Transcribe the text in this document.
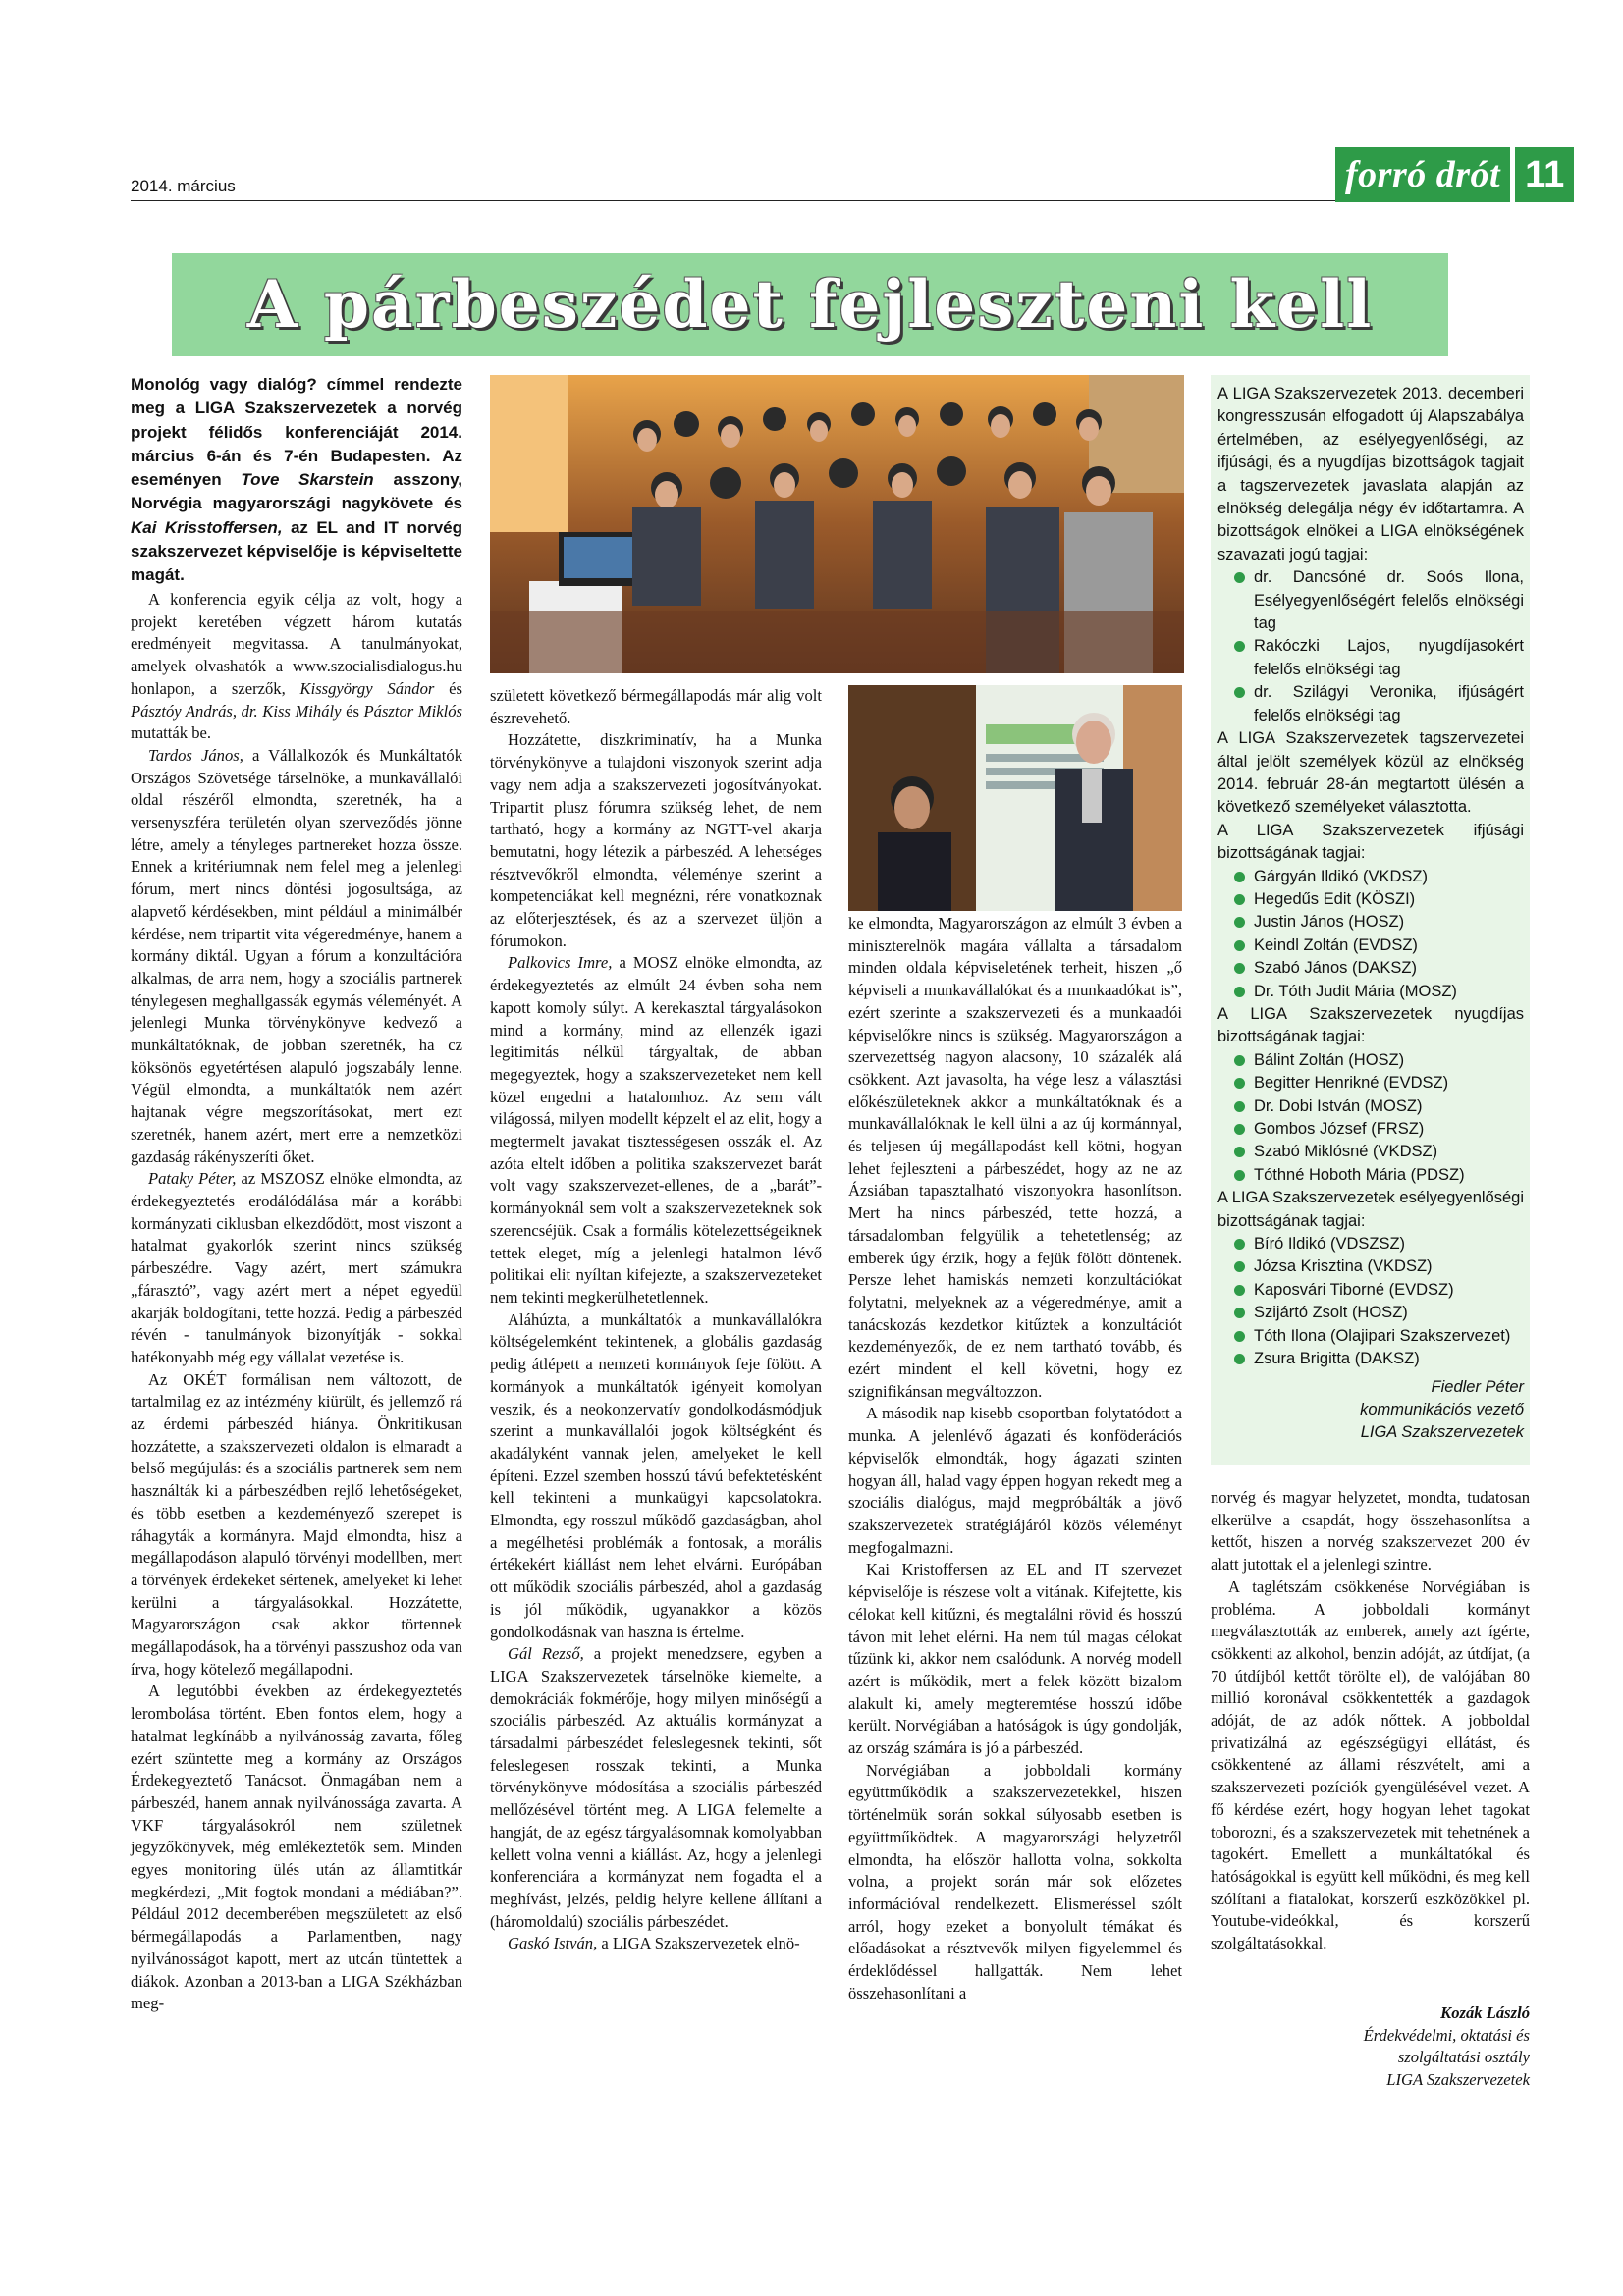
2014. március	forró drót 11
A párbeszédet fejleszteni kell
Monológ vagy dialóg? címmel rendezte meg a LIGA Szakszervezetek a norvég projekt félidős konferenciáját 2014. március 6-án és 7-én Budapesten. Az eseményen Tove Skarstein asszony, Norvégia magyarországi nagykövete és Kai Krisstoffersen, az EL and IT norvég szakszervezet képviselője is képviseltette magát.

A konferencia egyik célja az volt, hogy a projekt keretében végzett három kutatás eredményeit megvitassa. A tanulmányokat, amelyek olvashatók a www.szocialisdialogus.hu honlapon, a szerzők, Kissgyörgy Sándor és Pásztóy András, dr. Kiss Mihály és Pásztor Miklós mutatták be.

Tardos János, a Vállalkozók és Munkáltatók Országos Szövetsége társelnöke, a munkavállalói oldal részéről elmondta, szeretnék, ha a versenyszféra területén olyan szerveződés jönne létre, amely a tényleges partnereket hozza össze. Ennek a kritériumnak nem felel meg a jelenlegi fórum, mert nincs döntési jogosultsága, az alapvető kérdésekben, mint például a minimálbér kérdése, nem tripartit vita végeredménye, hanem a kormány diktál. Ugyan a fórum a konzultációra alkalmas, de arra nem, hogy a szociális partnerek ténylegesen meghallgassák egymás véleményét. A jelenlegi Munka törvénykönyve kedvező a munkáltatóknak, de jobban szeretnék, ha cz köksönös egyetértésen alapuló jogszabály lenne. Végül elmondta, a munkáltatók nem azért hajtanak végre megszorításokat, mert ezt szeretnék, hanem azért, mert erre a nemzetközi gazdaság rákényszeríti őket.

Pataky Péter, az MSZOSZ elnöke elmondta, az érdekegyeztetés erodálódálása már a korábbi kormányzati ciklusban elkezdődött, most viszont a hatalmat gyakorlók szerint nincs szükség párbeszédre. Vagy azért, mert számukra „fárasztó”, vagy azért mert a népet egyedül akarják boldogítani, tette hozzá. Pedig a párbeszéd révén - tanulmányok bizonyítják - sokkal hatékonyabb még egy vállalat vezetése is.

Az OKÉT formálisan nem változott, de tartalmilag ez az intézmény kiürült, és jellemző rá az érdemi párbeszéd hiánya. Önkritikusan hozzátette, a szakszervezeti oldalon is elmaradt a belső megújulás: és a szociális partnerek sem nem használták ki a párbeszédben rejlő lehetőségeket, és több esetben a kezdeményező szerepet is ráhagyták a kormányra. Majd elmondta, hisz a megállapodáson alapuló törvényi modellben, mert a törvények érdekeket sértenek, amelyeket ki lehet kerülni a tárgyalásokkal. Hozzátette, Magyarországon csak akkor törtennek megállapodások, ha a törvényi passzushoz oda van írva, hogy kötelező megállapodni.

A legutóbbi években az érdekegyeztetés lerombolása történt. Eben fontos elem, hogy a hatalmat legkínább a nyilvánosság zavarta, főleg ezért szüntette meg a kormány az Országos Érdekegyeztető Tanácsot. Önmagában nem a párbeszéd, hanem annak nyilvánossága zavarta. A VKF tárgyalásokról nem születnek jegyzőkönyvek, még emlékeztetők sem. Minden egyes monitoring ülés után az államtitkár megkérdezi, „Mit fogtok mondani a médiában?”. Például 2012 decemberében megszületett az első bérmegállapodás a Parlamentben, nagy nyilvánosságot kapott, mert az utcán tüntettek a diákok. Azonban a 2013-ban a LIGA Székházban meg-

született következő bérmegállapodás már alig volt észrevehető.

Hozzátette, diszkriminatív, ha a Munka törvénykönyve a tulajdoni viszonyok szerint adja vagy nem adja a szakszervezeti jogosítványokat. Tripartit plusz fórumra szükség lehet, de nem tartható, hogy a kormány az NGTT-vel akarja bemutatni, hogy létezik a párbeszéd. A lehetséges résztvevőkről elmondta, véleménye szerint a kompetenciákat kell megnézni, rére vonatkoznak az előterjesztések, és az a szervezet üljön a fórumokon.

Palkovics Imre, a MOSZ elnöke elmondta, az érdekegyeztetés az elmúlt 24 évben soha nem kapott komoly súlyt. A kerekasztal tárgyalásokon mind a kormány, mind az ellenzék igazi legitimitás nélkül tárgyaltak, de abban megegyeztek, hogy a szakszervezeteket nem kell közel engedni a hatalomhoz. Az sem vált világossá, milyen modellt képzelt el az elit, hogy a megtermelt javakat tisztességesen osszák el. Az azóta eltelt időben a politika szakszervezet barát volt vagy szakszervezet-ellenes, de a „barát”-kormányoknál sem volt a szakszervezeteknek sok szerencséjük. Csak a formális kötelezettségeiknek tettek eleget, míg a jelenlegi hatalmon lévő politikai elit nyíltan kifejezte, a szakszervezeteket nem tekinti megkerülhetetlennek.

Aláhúzta, a munkáltatók a munkavállalókra költségelemként tekintenek, a globális gazdaság pedig átlépett a nemzeti kormányok feje fölött. A kormányok a munkáltatók igényeit komolyan veszik, és a neokonzervatív gondolkodásmódjuk szerint a munkavállalói jogok költségként és akadályként vannak jelen, amelyeket le kell építeni. Ezzel szemben hosszú távú befektetésként kell tekinteni a munkaügyi kapcsolatokra. Elmondta, egy rosszul működő gazdaságban, ahol a megélhetési problémák a fontosak, a morális értékekért kiállást nem lehet elvárni. Európában ott működik szociális párbeszéd, ahol a gazdaság is jól működik, ugyanakkor a közös gondolkodásnak van haszna is értelme.

Gál Rezső, a projekt menedzsere, egyben a LIGA Szakszervezetek társelnöke kiemelte, a demokráciák fokmérője, hogy milyen minőségű a szociális párbeszéd. Az aktuális kormányzat a társadalmi párbeszédet feleslegesnek tekinti, sőt feleslegesen rosszak tekinti, a Munka törvénykönyve módosítása a szociális párbeszéd mellőzésével történt meg. A LIGA felemelte a hangját, de az egész tárgyalásomnak komolyabban kellett volna venni a kiállást. Az, hogy a jelenlegi konferenciára a kormányzat nem fogadta el a meghívást, jelzés, peldig helyre kellene állítani a (háromoldalú) szociális párbeszédet.

Gaskó István, a LIGA Szakszervezetek elnö-

ke elmondta, Magyarországon az elmúlt 3 évben a miniszterelnök magára vállalta a társadalom minden oldala képviseletének terheit, hiszen „ő képviseli a munkavállalókat és a munkaadókat is”, ezért szerinte a szakszervezeti és a munkaadói képviselőkre nincs is szükség. Magyarországon a szervezettség nagyon alacsony, 10 százalék alá csökkent. Azt javasolta, ha vége lesz a választási előkészületeknek akkor a munkáltatóknak és a munkavállalóknak le kell ülni a az új kormánnyal, és teljesen új megállapodást kell kötni, hogyan lehet fejleszteni a párbeszédet, hogy az ne az Ázsiában tapasztalható viszonyokra hasonlítson. Mert ha nincs párbeszéd, tette hozzá, a társadalomban felgyülik a tehetetlenség; az emberek úgy érzik, hogy a fejük fölött döntenek. Persze lehet hamiskás nemzeti konzultációkat folytatni, melyeknek az a végeredménye, amit a tanácskozás kezdetkor kitűztek a konzultációt kezdeményezők, de ez nem tartható tovább, és ezért mindent el kell követni, hogy ez szignifikánsan megváltozzon.

A második nap kisebb csoportban folytatódott a munka. A jelenlévő ágazati és konföderációs képviselők elmondták, hogy ágazati szinten hogyan áll, halad vagy éppen hogyan rekedt meg a szociális dialógus, majd megpróbálták a jövő szakszervezetek stratégiájáról közös véleményt megfogalmazni.

Kai Kristoffersen az EL and IT szervezet képviselője is részese volt a vitának. Kifejtette, kis célokat kell kitűzni, és megtalálni rövid és hosszú távon mit lehet elérni. Ha nem túl magas célokat tűzünk ki, akkor nem csalódunk. A norvég modell azért is működik, mert a felek között bizalom alakult ki, amely megteremtése hosszú időbe került. Norvégiában a hatóságok is úgy gondolják, az ország számára is jó a párbeszéd.

Norvégiában a jobboldali kormány együttműködik a szakszervezetekkel, hiszen történelmük során sokkal súlyosabb esetben is együttműködtek. A magyarországi helyzetről elmondta, ha először hallotta volna, sokkolta volna, a projekt során már sok előzetes információval rendelkezett. Elismeréssel szólt arról, hogy ezeket a bonyolult témákat és előadásokat a résztvevők milyen figyelemmel és érdeklődéssel hallgatták. Nem lehet összehasonlítani a

A LIGA Szakszervezetek 2013. decemberi kongresszusán elfogadott új Alapszabálya értelmében, az esélyegyenlőségi, az ifjúsági, és a nyugdíjas bizottságok tagjait a tagszervezetek javaslata alapján az elnökség delegálja négy év időtartamra. A bizottságok elnökei a LIGA elnökségének szavazati jogú tagjai:

dr. Dancsóné dr. Soós Ilona, Esélyegyenlőségért felelős elnökségi tag
Rakóczki Lajos, nyugdíjasokért felelős elnökségi tag
dr. Szilágyi Veronika, ifjúságért felelős elnökségi tag

A LIGA Szakszervezetek tagszervezetei által jelölt személyek közül az elnökség 2014. február 28-án megtartott ülésén a következő személyeket választotta.

A LIGA Szakszervezetek ifjúsági bizottságának tagjai:

Gárgyán Ildikó (VKDSZ)
Hegedűs Edit (KÖSZI)
Justin János (HOSZ)
Keindl Zoltán (EVDSZ)
Szabó János (DAKSZ)
Dr. Tóth Judit Mária (MOSZ)

A LIGA Szakszervezetek nyugdíjas bizottságának tagjai:

Bálint Zoltán (HOSZ)
Begitter Henrikné (EVDSZ)
Dr. Dobi István (MOSZ)
Gombos József (FRSZ)
Szabó Miklósné (VKDSZ)
Tóthné Hoboth Mária (PDSZ)

A LIGA Szakszervezetek esélyegyenlőségi bizottságának tagjai:

Bíró Ildikó (VDSZSZ)
Józsa Krisztina (VKDSZ)
Kaposvári Tiborné (EVDSZ)
Szijártó Zsolt (HOSZ)
Tóth Ilona (Olajipari Szakszervezet)
Zsura Brigitta (DAKSZ)

Fiedler Péter
kommunikációs vezető
LIGA Szakszervezetek

norvég és magyar helyzetet, mondta, tudatosan elkerülve a csapdát, hogy összehasonlítsa a kettőt, hiszen a norvég szakszervezet 200 év alatt jutottak el a jelenlegi szintre.

A taglétszám csökkenése Norvégiában is probléma. A jobboldali kormányt megválasztották az emberek, amely azt ígérte, csökkenti az alkohol, benzin adóját, az útdíjat, (a 70 útdíjból kettőt törölte el), de valójában 80 millió koronával csökkentették a gazdagok adóját, de az adók nőttek. A jobboldal privatizálná az egészségügyi ellátást, és csökkentené az állami részvételt, ami a szakszervezeti pozíciók gyengülésével vezet. A fő kérdése ezért, hogy hogyan lehet tagokat toborozni, és a szakszervezetek mit tehetnének a tagokért. Emellett a munkáltatókal és hatóságokkal is együtt kell működni, és meg kell szólítani a fiatalokat, korszerű eszközökkel pl. Youtube-videókkal, és korszerű szolgáltatásokkal.

Kozák László
Érdekvédelmi, oktatási és
szolgáltatási osztály
LIGA Szakszervezetek
